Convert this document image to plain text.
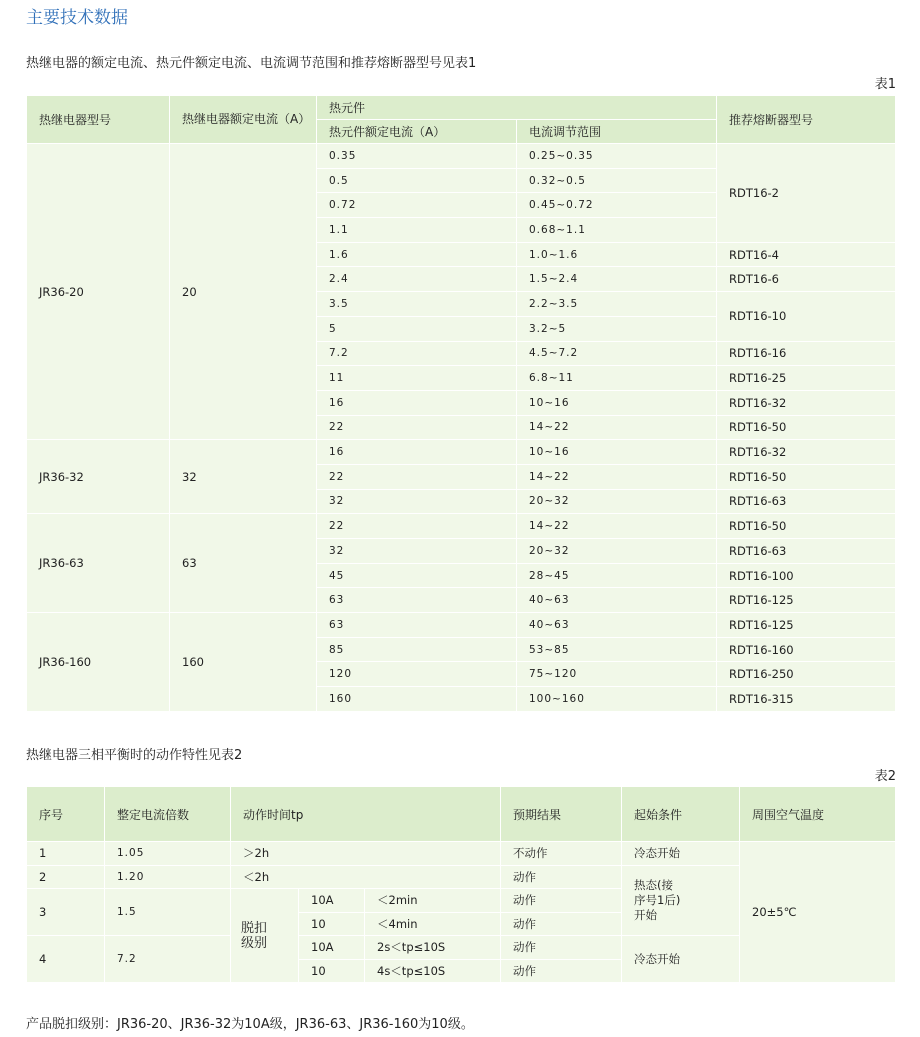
主要技术数据
热继电器的额定电流、热元件额定电流、电流调节范围和推荐熔断器型号见表1
表1
热继电器型号	热继电器额定电流（A）	热元件		推荐熔断器型号
		热元件额定电流（A）	电流调节范围	
JR36-20	20	0.35	0.25~0.35	RDT16-2
		0.5	0.32~0.5	
		0.72	0.45~0.72	
		1.1	0.68~1.1	
		1.6	1.0~1.6	RDT16-4
		2.4	1.5~2.4	RDT16-6
		3.5	2.2~3.5	RDT16-10
		5	3.2~5	
		7.2	4.5~7.2	RDT16-16
		11	6.8~11	RDT16-25
		16	10~16	RDT16-32
		22	14~22	RDT16-50
JR36-32	32	16	10~16	RDT16-32
		22	14~22	RDT16-50
		32	20~32	RDT16-63
JR36-63	63	22	14~22	RDT16-50
		32	20~32	RDT16-63
		45	28~45	RDT16-100
		63	40~63	RDT16-125
JR36-160	160	63	40~63	RDT16-125
		85	53~85	RDT16-160
		120	75~120	RDT16-250
		160	100~160	RDT16-315
热继电器三相平衡时的动作特性见表2
表2
序号	整定电流倍数	动作时间tp			预期结果	起始条件	周围空气温度
1	1.05	＞2h			不动作	冷态开始	20±5℃
2	1.20	＜2h			动作	热态(接序号1后)开始	
3	1.5	脱扣级别	10A	＜2min	动作		
			10	＜4min	动作		
4	7.2		10A	2s＜tp≤10S	动作	冷态开始	
			10	4s＜tp≤10S	动作		
产品脱扣级别：JR36-20、JR36-32为10A级，JR36-63、JR36-160为10级。
